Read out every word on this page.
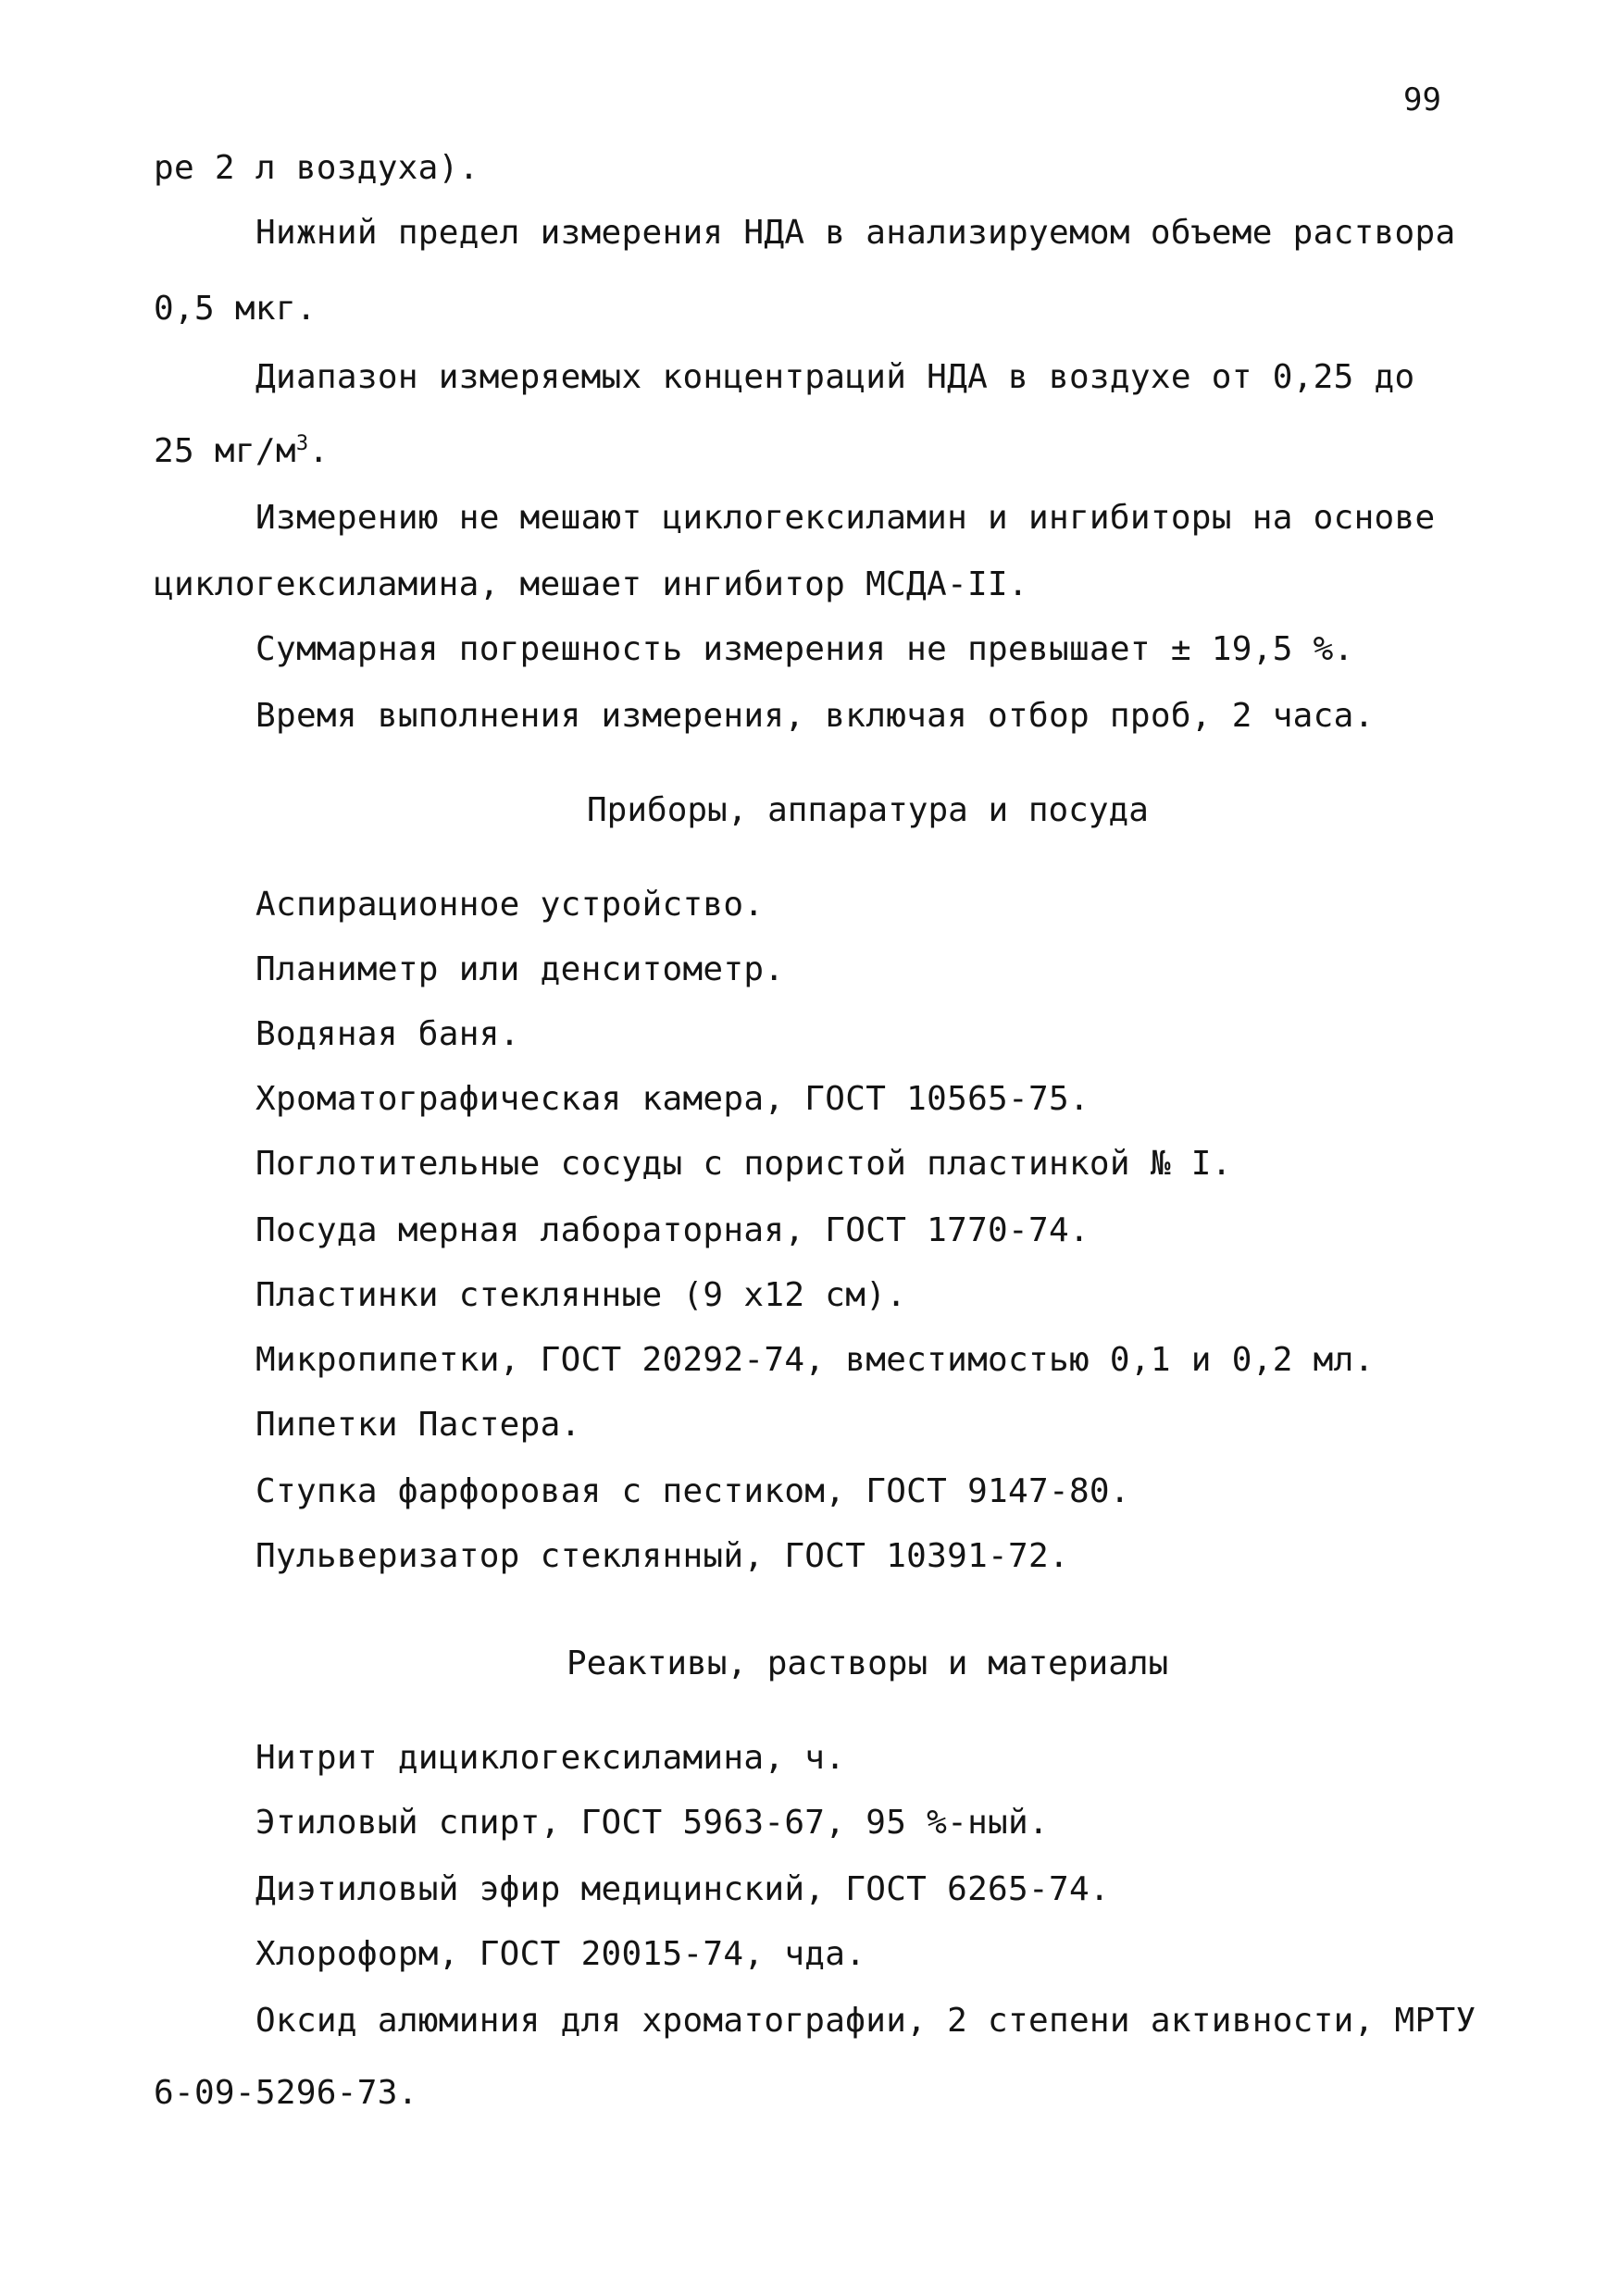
99

ре 2 л воздуха).

Нижний предел измерения НДА в анализируемом объеме раствора

0,5 мкг.

Диапазон измеряемых концентраций НДА в воздухе от 0,25 до

25 $мг/м^3$.

Измерению не мешают циклогексиламин и ингибиторы на основе

циклогексиламина, мешает ингибитор МСДА-II.

Суммарная погрешность измерения не превышает ± 19,5 %.

Время выполнения измерения, включая отбор проб, 2 часа.

Приборы, аппаратура и посуда

Аспирационное устройство.

Планиметр или денситометр.

Водяная баня.

Хроматографическая камера, ГОСТ 10565-75.

Поглотительные сосуды с пористой пластинкой № I.

Посуда мерная лабораторная, ГОСТ 1770-74.

Пластинки стеклянные (9 х12 см).

Микропипетки, ГОСТ 20292-74, вместимостью 0,1 и 0,2 мл.

Пипетки Пастера.

Ступка фарфоровая с пестиком, ГОСТ 9147-80.

Пульверизатор стеклянный, ГОСТ 10391-72.

Реактивы, растворы и материалы

Нитрит дициклогексиламина, ч.

Этиловый спирт, ГОСТ 5963-67, 95 %-ный.

Диэтиловый эфир медицинский, ГОСТ 6265-74.

Хлороформ, ГОСТ 20015-74, чда.

Оксид алюминия для хроматографии, 2 степени активности, МРТУ

6-09-5296-73.
